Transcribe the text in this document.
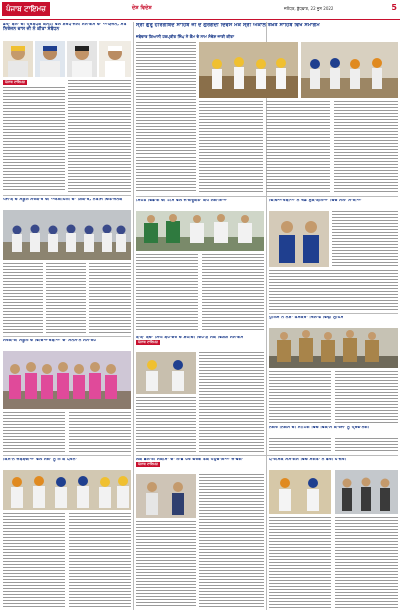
ਪੰਜਾਬ ਟਾਇਮਜ਼	ਦੇਸ਼ ਵਿਦੇਸ਼	ਜਲੰਧਰ, ਬੁੱਧਵਾਰ, 22 ਜੂਨ 2022	5
ਡੇਰਾ ਬੱਲਾਂ ਦੀ ਪ੍ਰਬੰਧਕ ਕਮੇਟੀ ਵੱਲੋਂ ਸ਼ਰਧਾਂਜਲੀ ਸਮਾਗਮ ਦਾ ਆਯੋਜਨ, ਸੰਤ ਨਿਰੰਜਨ ਦਾਸ ਜੀ ਨੇ ਕੀਤਾ ਸੰਬੋਧਨ
ਪੰਜਾਬ ਟਾਇਮਜ਼
ਸ੍ਰੀ ਗੁਰੂ ਹਰਿਗੋਬਿੰਦ ਸਾਹਿਬ ਜੀ ਦੇ ਗੁਰਗੱਦੀ ਦਿਵਸ ਮੌਕੇ ਸ੍ਰੀ ਅਕਾਲ ਤਖ਼ਤ ਸਾਹਿਬ ਵਿਖੇ ਸਮਾਗਮ
ਜਥੇਦਾਰ ਗਿਆਨੀ ਹਰਪ੍ਰੀਤ ਸਿੰਘ ਨੇ ਕੌਮ ਦੇ ਨਾਮ ਸੰਦੇਸ਼ ਜਾਰੀ ਕੀਤਾ
ਪੰਜਾਬ ਦੇ ਸਕੂਲ ਸਰਕਾਰ ਦੀ ਅਣਗਹਿਲੀ ਦਾ ਸ਼ਿਕਾਰ, ਨਤੀਜੇ ਚਿੰਤਾਜਨਕ	ਸਿਹਤ ਵਿਭਾਗ ਦੀ ਟੀਮ ਵੱਲੋਂ ਜਾਗਰੂਕਤਾ ਕੈਂਪ ਲਗਾਇਆ	ਵਿਦਿਆਰਥੀਆਂ ਨੇ ਖੇਡ ਮੁਕਾਬਲਿਆਂ ਵਿੱਚ ਮੱਲਾਂ ਮਾਰੀਆਂ
ਸਰਕਾਰੀ ਸਕੂਲ ਦੇ ਵਿਦਿਆਰਥੀਆਂ ਦਾ ਸਨਮਾਨ ਸਮਾਰੋਹ
ਬਾਬਾ ਬੰਦਾ ਸਿੰਘ ਬਹਾਦਰ ਦੇ ਸ਼ਹੀਦੀ ਦਿਹਾੜੇ ਮੌਕੇ ਵਿਸ਼ੇਸ਼ ਸਮਾਗਮ
ਪੰਜਾਬ ਟਾਇਮਜ਼
ਪੁਲਿਸ ਨੇ ਨਸ਼ਾ ਤਸਕਰਾਂ ਖਿਲਾਫ ਵਿੱਢੀ ਮੁਹਿੰਮ
ਕਿਸਾਨ ਜਥੇਬੰਦੀਆਂ ਵੱਲੋਂ ਮੰਗਾਂ ਨੂੰ ਲੈ ਕੇ ਧਰਨਾ	ਲੋਕ ਭਲਾਈ ਸਕੀਮਾਂ ਦਾ ਲਾਭ ਹਰ ਵਰਗ ਤੱਕ ਪਹੁੰਚਾਇਆ ਜਾਵੇਗਾ
ਪੰਜਾਬ ਟਾਇਮਜ਼
ਨਗਰ ਨਿਗਮ ਦੀ ਮੀਟਿੰਗ ਵਿੱਚ ਵਿਕਾਸ ਕਾਰਜਾਂ ਨੂੰ ਪ੍ਰਵਾਨਗੀ
ਧਾਰਮਿਕ ਸਮਾਗਮ ਵਿੱਚ ਸੰਗਤਾਂ ਨੇ ਭਰੀ ਹਾਜ਼ਰੀ
